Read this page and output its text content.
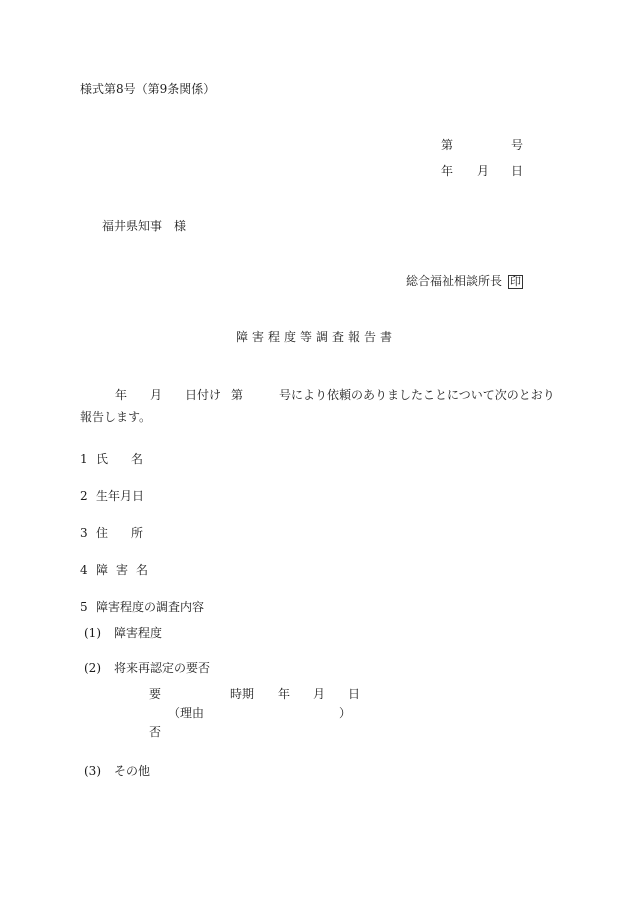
様式第8号（第9条関係）
第	号
年 月 日
福井県知事　様
総合福祉相談所長 印
障害程度等調査報告書
年 月 日付け 第	号により依頼のありましたことについて次のとおり
報告します。
1 氏 名
2 生年月日
3 住 所
4 障害名
5 障害程度の調査内容
(1) 障害程度
(2) 将来再認定の要否
要	時期 年 月 日
（理由	）
否
(3) その他
